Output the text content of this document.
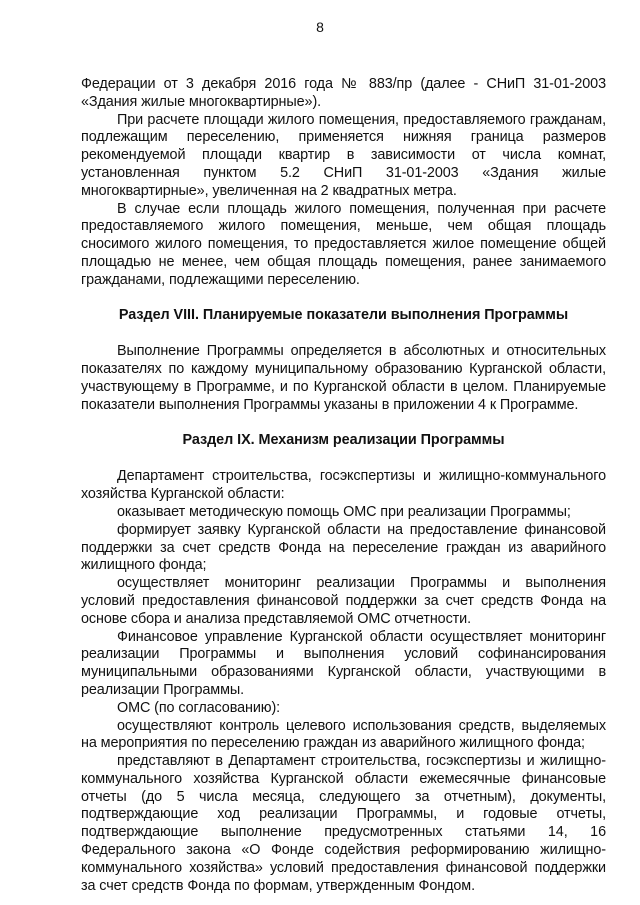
8

Федерации от 3 декабря 2016 года № 883/пр (далее - СНиП 31-01-2003 «Здания жилые многоквартирные»).

При расчете площади жилого помещения, предоставляемого гражданам, подлежащим переселению, применяется нижняя граница размеров рекомендуемой площади квартир в зависимости от числа комнат, установленная пунктом 5.2 СНиП 31-01-2003 «Здания жилые многоквартирные», увеличенная на 2 квадратных метра.

В случае если площадь жилого помещения, полученная при расчете предоставляемого жилого помещения, меньше, чем общая площадь сносимого жилого помещения, то предоставляется жилое помещение общей площадью не менее, чем общая площадь помещения, ранее занимаемого гражданами, подлежащими переселению.

Раздел VIII. Планируемые показатели выполнения Программы

Выполнение Программы определяется в абсолютных и относительных показателях по каждому муниципальному образованию Курганской области, участвующему в Программе, и по Курганской области в целом. Планируемые показатели выполнения Программы указаны в приложении 4 к Программе.

Раздел IX. Механизм реализации Программы

Департамент строительства, госэкспертизы и жилищно-коммунального хозяйства Курганской области:

оказывает методическую помощь ОМС при реализации Программы;

формирует заявку Курганской области на предоставление финансовой поддержки за счет средств Фонда на переселение граждан из аварийного жилищного фонда;

осуществляет мониторинг реализации Программы и выполнения условий предоставления финансовой поддержки за счет средств Фонда на основе сбора и анализа представляемой ОМС отчетности.

Финансовое управление Курганской области осуществляет мониторинг реализации Программы и выполнения условий софинансирования муниципальными образованиями Курганской области, участвующими в реализации Программы.

ОМС (по согласованию):

осуществляют контроль целевого использования средств, выделяемых на мероприятия по переселению граждан из аварийного жилищного фонда;

представляют в Департамент строительства, госэкспертизы и жилищно-коммунального хозяйства Курганской области ежемесячные финансовые отчеты (до 5 числа месяца, следующего за отчетным), документы, подтверждающие ход реализации Программы, и годовые отчеты, подтверждающие выполнение предусмотренных статьями 14, 16 Федерального закона «О Фонде содействия реформированию жилищно-коммунального хозяйства» условий предоставления финансовой поддержки за счет средств Фонда по формам, утвержденным Фондом.
